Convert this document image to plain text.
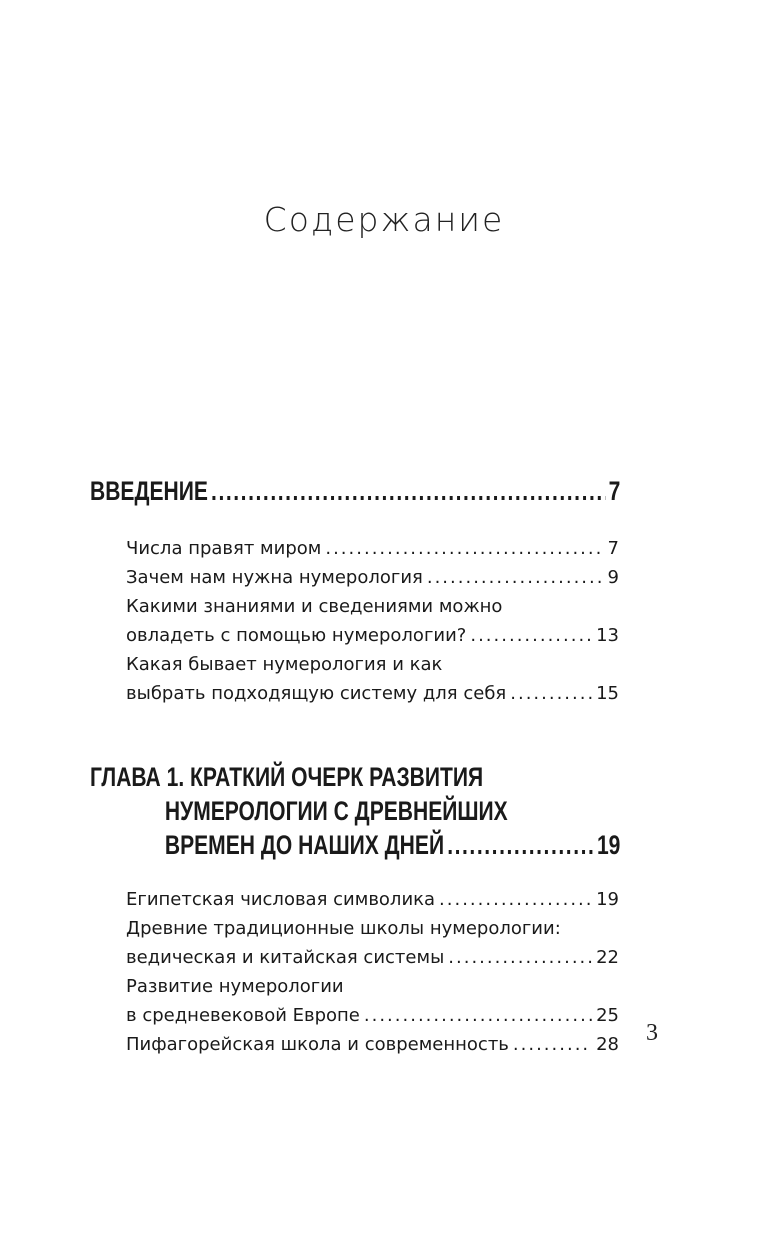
Содержание
ВВЕДЕНИЕ .....	7
Числа правят миром .....	7
Зачем нам нужна нумерология .....	9
Какими знаниями и сведениями можно
овладеть с помощью нумерологии? .....	13
Какая бывает нумерология и как
выбрать подходящую систему для себя .....	15
ГЛАВА 1. КРАТКИЙ ОЧЕРК РАЗВИТИЯ
НУМЕРОЛОГИИ С ДРЕВНЕЙШИХ
ВРЕМЕН ДО НАШИХ ДНЕЙ .....	19
Египетская числовая символика .....	19
Древние традиционные школы нумерологии:
ведическая и китайская системы .....	22
Развитие нумерологии
в средневековой Европе .....	25
Пифагорейская школа и современность .....	28 3
